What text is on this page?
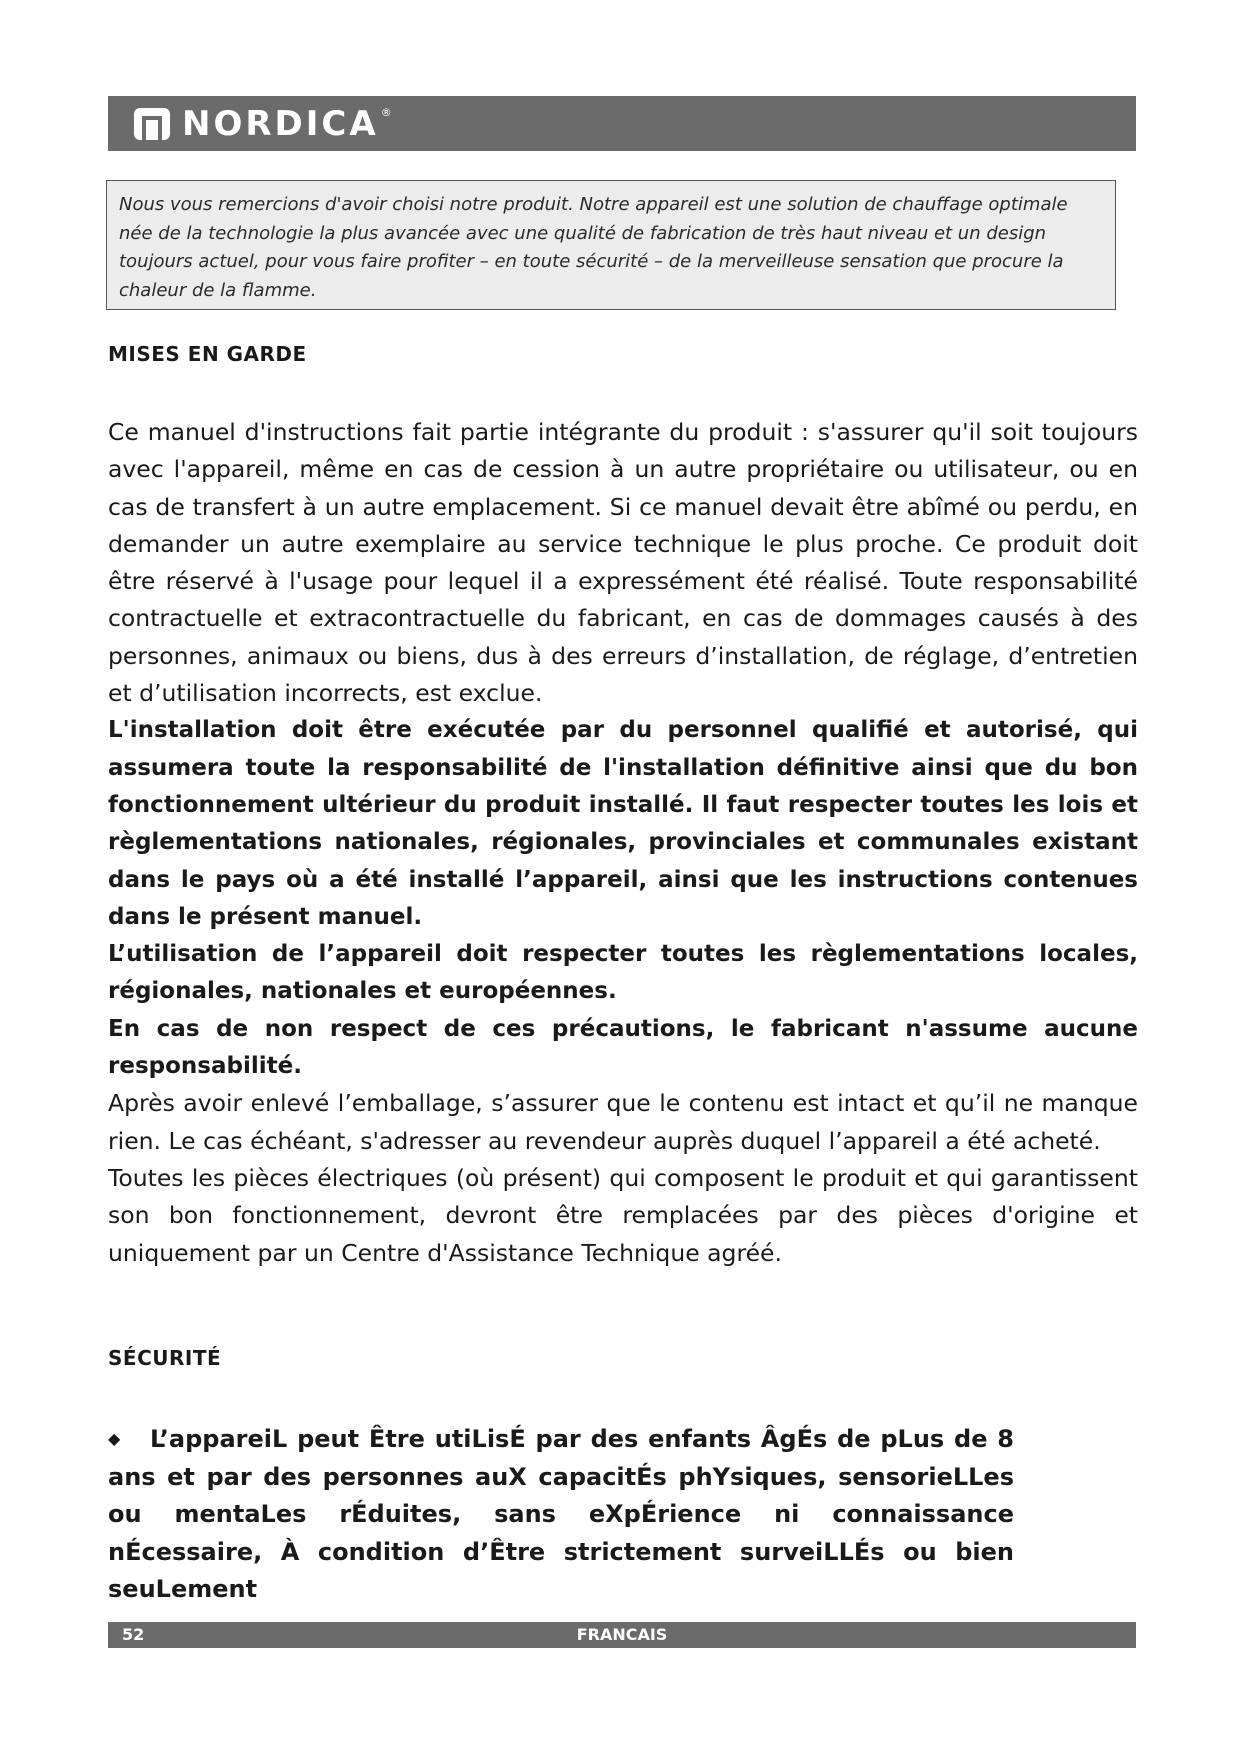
NORDICA ®

Nous vous remercions d'avoir choisi notre produit. Notre appareil est une solution de chauffage optimale née de la technologie la plus avancée avec une qualité de fabrication de très haut niveau et un design toujours actuel, pour vous faire profiter – en toute sécurité – de la merveilleuse sensation que procure la chaleur de la flamme.

MISES EN GARDE

Ce manuel d'instructions fait partie intégrante du produit : s'assurer qu'il soit toujours avec l'appareil, même en cas de cession à un autre propriétaire ou utilisateur, ou en cas de transfert à un autre emplacement. Si ce manuel devait être abîmé ou perdu, en demander un autre exemplaire au service technique le plus proche. Ce produit doit être réservé à l'usage pour lequel il a expressément été réalisé. Toute responsabilité contractuelle et extracontractuelle du fabricant, en cas de dommages causés à des personnes, animaux ou biens, dus à des erreurs d’installation, de réglage, d’entretien et d’utilisation incorrects, est exclue.

L'installation doit être exécutée par du personnel qualifié et autorisé, qui assumera toute la responsabilité de l'installation définitive ainsi que du bon fonctionnement ultérieur du produit installé. Il faut respecter toutes les lois et règlementations nationales, régionales, provinciales et communales existant dans le pays où a été installé l’appareil, ainsi que les instructions contenues dans le présent manuel.

L’utilisation de l’appareil doit respecter toutes les règlementations locales, régionales, nationales et européennes.

En cas de non respect de ces précautions, le fabricant n'assume aucune responsabilité.

Après avoir enlevé l’emballage, s’assurer que le contenu est intact et qu’il ne manque rien. Le cas échéant, s'adresser au revendeur auprès duquel l’appareil a été acheté.

Toutes les pièces électriques (où présent) qui composent le produit et qui garantissent son bon fonctionnement, devront être remplacées par des pièces d'origine et uniquement par un Centre d'Assistance Technique agréé.

SÉCURITÉ

◆ L’appareiL peut Être utiLisÉ par des enfants ÂgÉs de pLus de 8 ans et par des personnes auX capacitÉs phYsiques, sensorieLLes ou mentaLes rÉduites, sans eXpÉrience ni connaissance nÉcessaire, À condition d’Être strictement surveiLLÉs ou bien seuLement

52	FRANCAIS
